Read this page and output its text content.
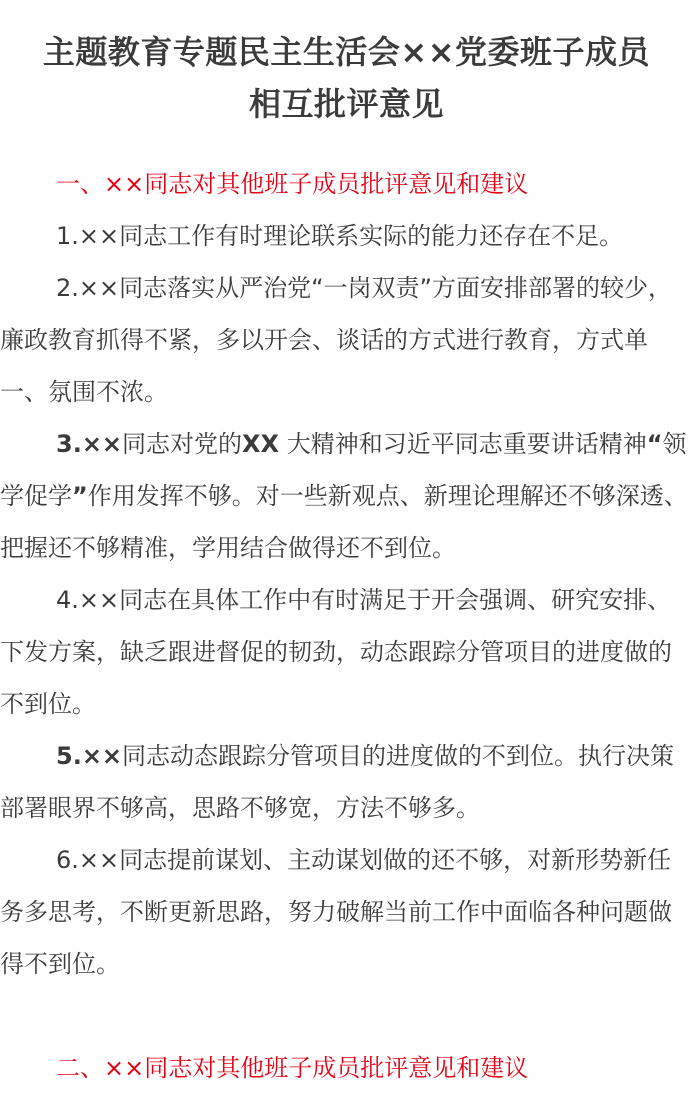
主题教育专题民主生活会××党委班子成员
相互批评意见

一、××同志对其他班子成员批评意见和建议

1.××同志工作有时理论联系实际的能力还存在不足。

2.××同志落实从严治党“一岗双责”方面安排部署的较少，廉政教育抓得不紧，多以开会、谈话的方式进行教育，方式单一、氛围不浓。

3.××同志对党的XX 大精神和习近平同志重要讲话精神“领学促学”作用发挥不够。对一些新观点、新理论理解还不够深透、把握还不够精准，学用结合做得还不到位。

4.××同志在具体工作中有时满足于开会强调、研究安排、下发方案，缺乏跟进督促的韧劲，动态跟踪分管项目的进度做的不到位。

5.××同志动态跟踪分管项目的进度做的不到位。执行决策部署眼界不够高，思路不够宽，方法不够多。

6.××同志提前谋划、主动谋划做的还不够，对新形势新任务多思考，不断更新思路，努力破解当前工作中面临各种问题做得不到位。

二、××同志对其他班子成员批评意见和建议
